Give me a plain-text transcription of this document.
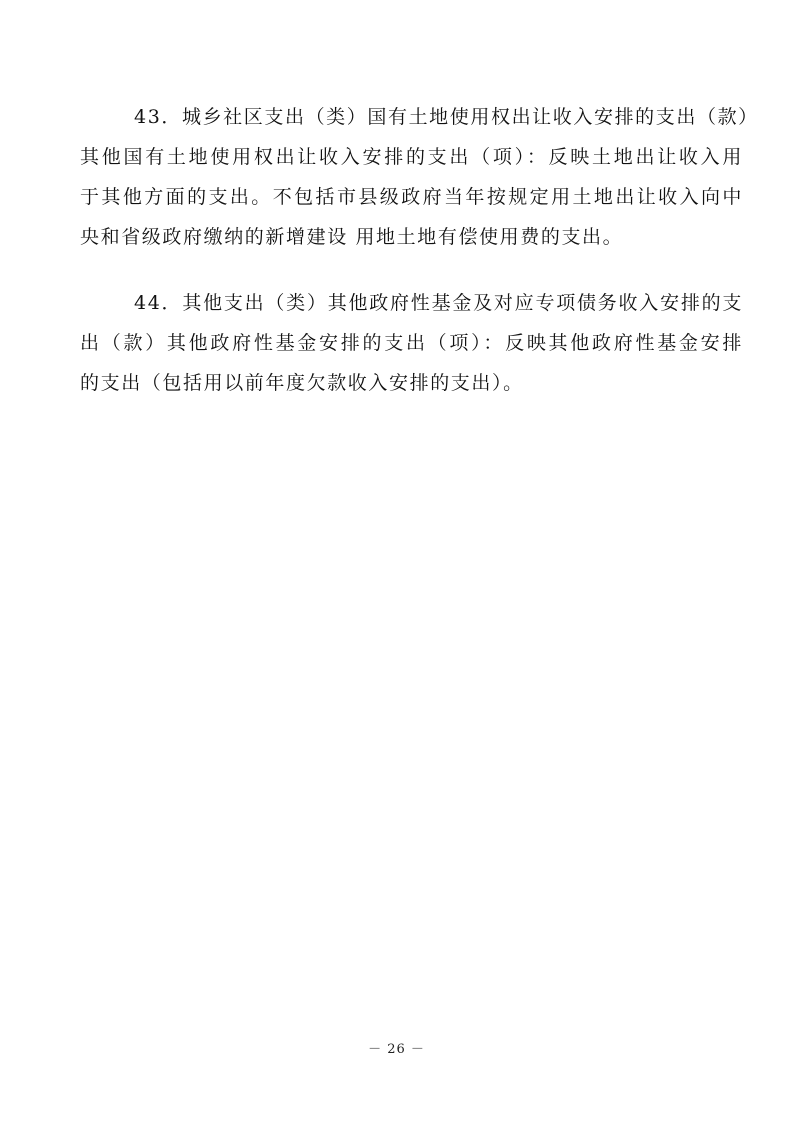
43．城乡社区支出（类）国有土地使用权出让收入安排的支出（款）
其他国有土地使用权出让收入安排的支出（项）：反映土地出让收入用
于其他方面的支出。不包括市县级政府当年按规定用土地出让收入向中
央和省级政府缴纳的新增建设 用地土地有偿使用费的支出。

44．其他支出（类）其他政府性基金及对应专项债务收入安排的支
出（款）其他政府性基金安排的支出（项）：反映其他政府性基金安排
的支出（包括用以前年度欠款收入安排的支出）。

－ 26 －
